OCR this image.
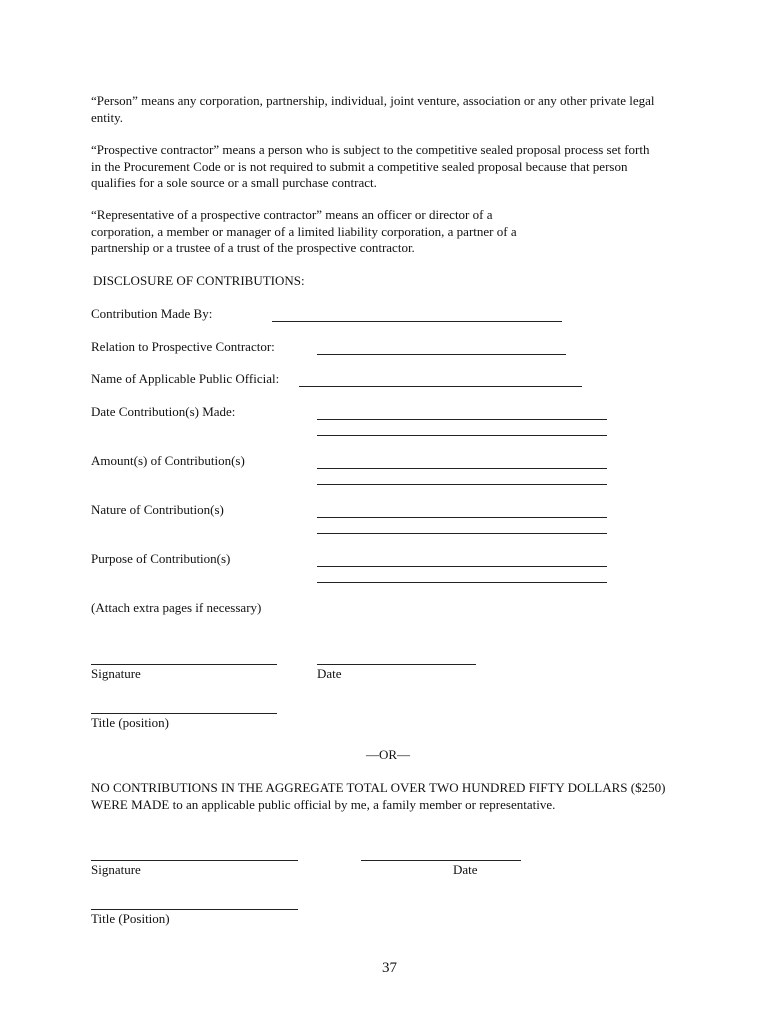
“Person” means any corporation, partnership, individual, joint venture, association or any other private legal entity.
“Prospective contractor” means a person who is subject to the competitive sealed proposal process set forth in the Procurement Code or is not required to submit a competitive sealed proposal because that person qualifies for a sole source or a small purchase contract.
“Representative of a prospective contractor” means an officer or director of a corporation, a member or manager of a limited liability corporation, a partner of a partnership or a trustee of a trust of the prospective contractor.
DISCLOSURE OF CONTRIBUTIONS:
Contribution Made By:
Relation to Prospective Contractor:
Name of Applicable Public Official:
Date Contribution(s) Made:
Amount(s) of Contribution(s)
Nature of Contribution(s)
Purpose of Contribution(s)
(Attach extra pages if necessary)
Signature	Date
Title (position)
—OR—
NO CONTRIBUTIONS IN THE AGGREGATE TOTAL OVER TWO HUNDRED FIFTY DOLLARS ($250) WERE MADE to an applicable public official by me, a family member or representative.
Signature	Date
Title (Position)
37
